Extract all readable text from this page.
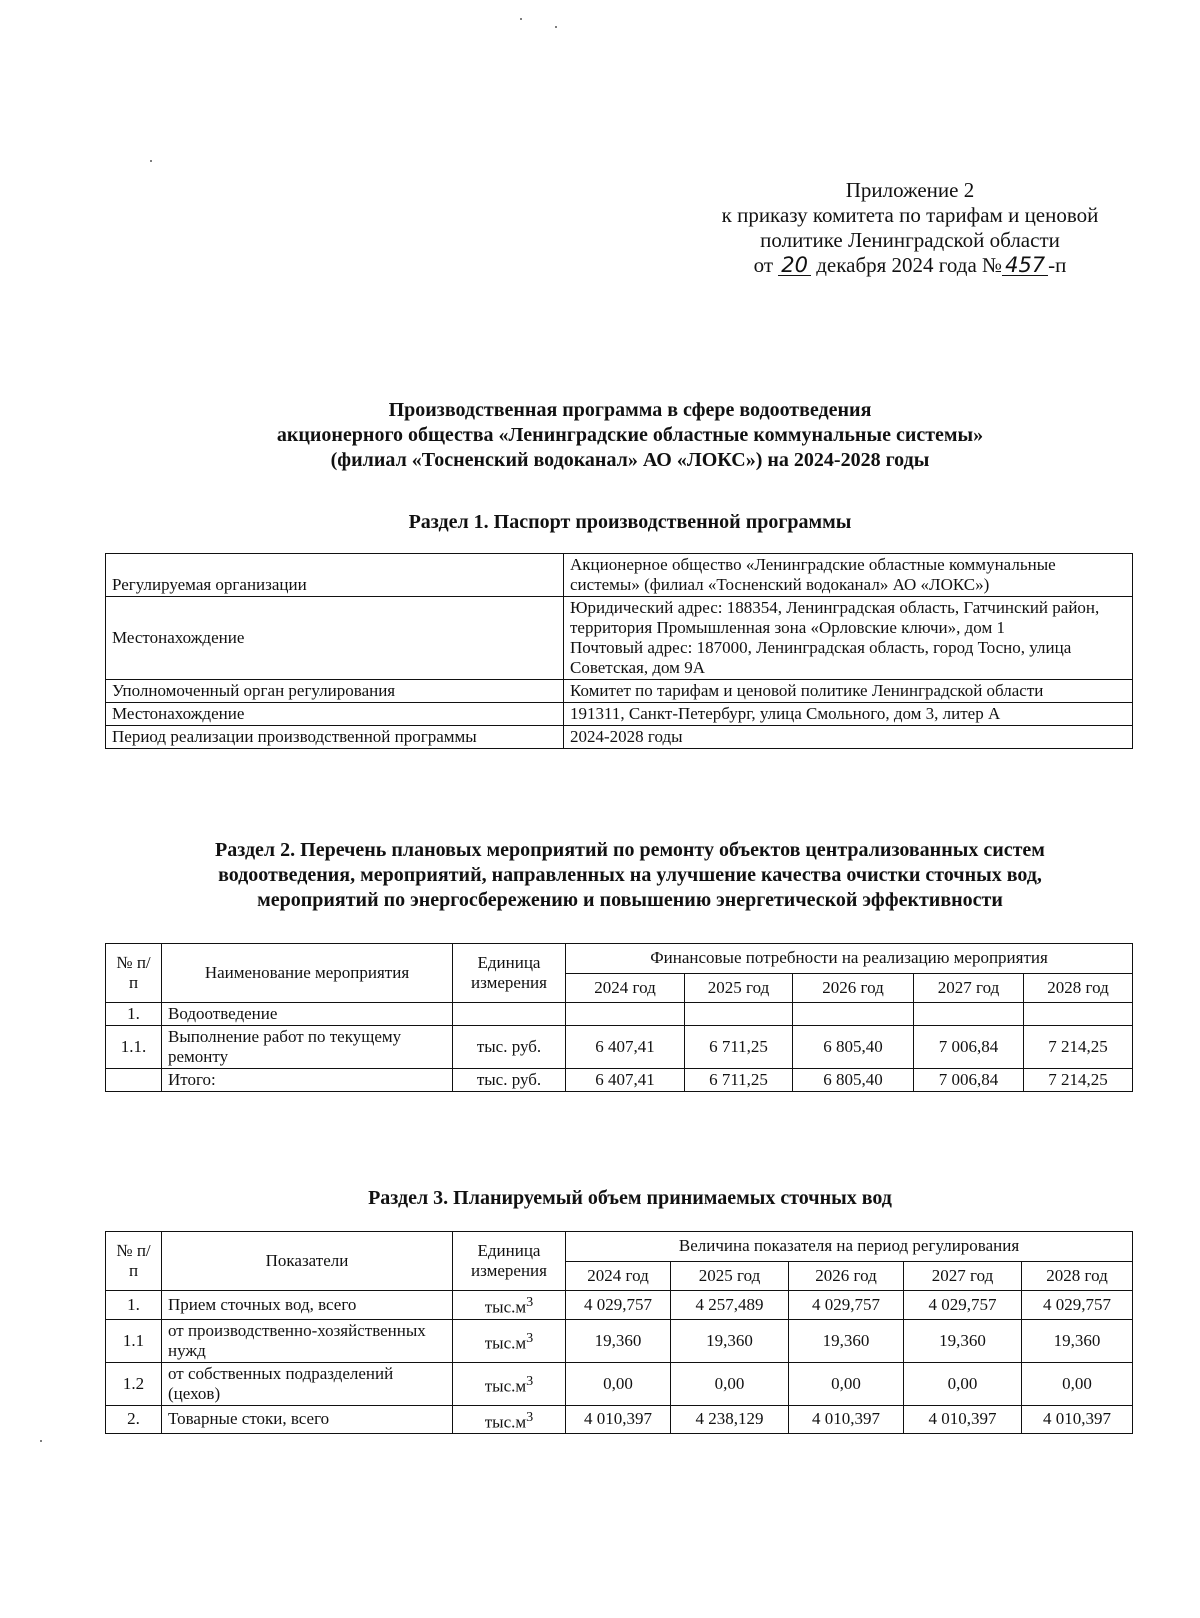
Приложение 2
к приказу комитета по тарифам и ценовой
политике Ленинградской области
от 20 декабря 2024 года № 457 -п
Производственная программа в сфере водоотведения
акционерного общества «Ленинградские областные коммунальные системы»
(филиал «Тосненский водоканал» АО «ЛОКС») на 2024-2028 годы
Раздел 1. Паспорт производственной программы
Регулируемая организации	Акционерное общество «Ленинградские областные коммунальные системы» (филиал «Тосненский водоканал» АО «ЛОКС»)
Местонахождение	Юридический адрес: 188354, Ленинградская область, Гатчинский район, территория Промышленная зона «Орловские ключи», дом 1
Почтовый адрес: 187000, Ленинградская область, город Тосно, улица Советская, дом 9А

Уполномоченный орган регулирования	Комитет по тарифам и ценовой политике Ленинградской области
Местонахождение	191311, Санкт-Петербург, улица Смольного, дом 3, литер А
Период реализации производственной программы	2024-2028 годы
Раздел 2. Перечень плановых мероприятий по ремонту объектов централизованных систем
водоотведения, мероприятий, направленных на улучшение качества очистки сточных вод,
мероприятий по энергосбережению и повышению энергетической эффективности
№ п/п	Наименование мероприятия	Единица измерения	Финансовые потребности на реализацию мероприятия				
			2024 год	2025 год	2026 год	2027 год	2028 год
1.	Водоотведение						
1.1.	Выполнение работ по текущему ремонту	тыс. руб.	6 407,41	6 711,25	6 805,40	7 006,84	7 214,25
	Итого:	тыс. руб.	6 407,41	6 711,25	6 805,40	7 006,84	7 214,25
Раздел 3. Планируемый объем принимаемых сточных вод
№ п/п	Показатели	Единица измерения	Величина показателя на период регулирования				
			2024 год	2025 год	2026 год	2027 год	2028 год
1.	Прием сточных вод, всего	$тыс.м^3$	4 029,757	4 257,489	4 029,757	4 029,757	4 029,757
1.1	от производственно-хозяйственных нужд	$тыс.м^3$	19,360	19,360	19,360	19,360	19,360
1.2	от собственных подразделений (цехов)	$тыс.м^3$	0,00	0,00	0,00	0,00	0,00
2.	Товарные стоки, всего	$тыс.м^3$	4 010,397	4 238,129	4 010,397	4 010,397	4 010,397
